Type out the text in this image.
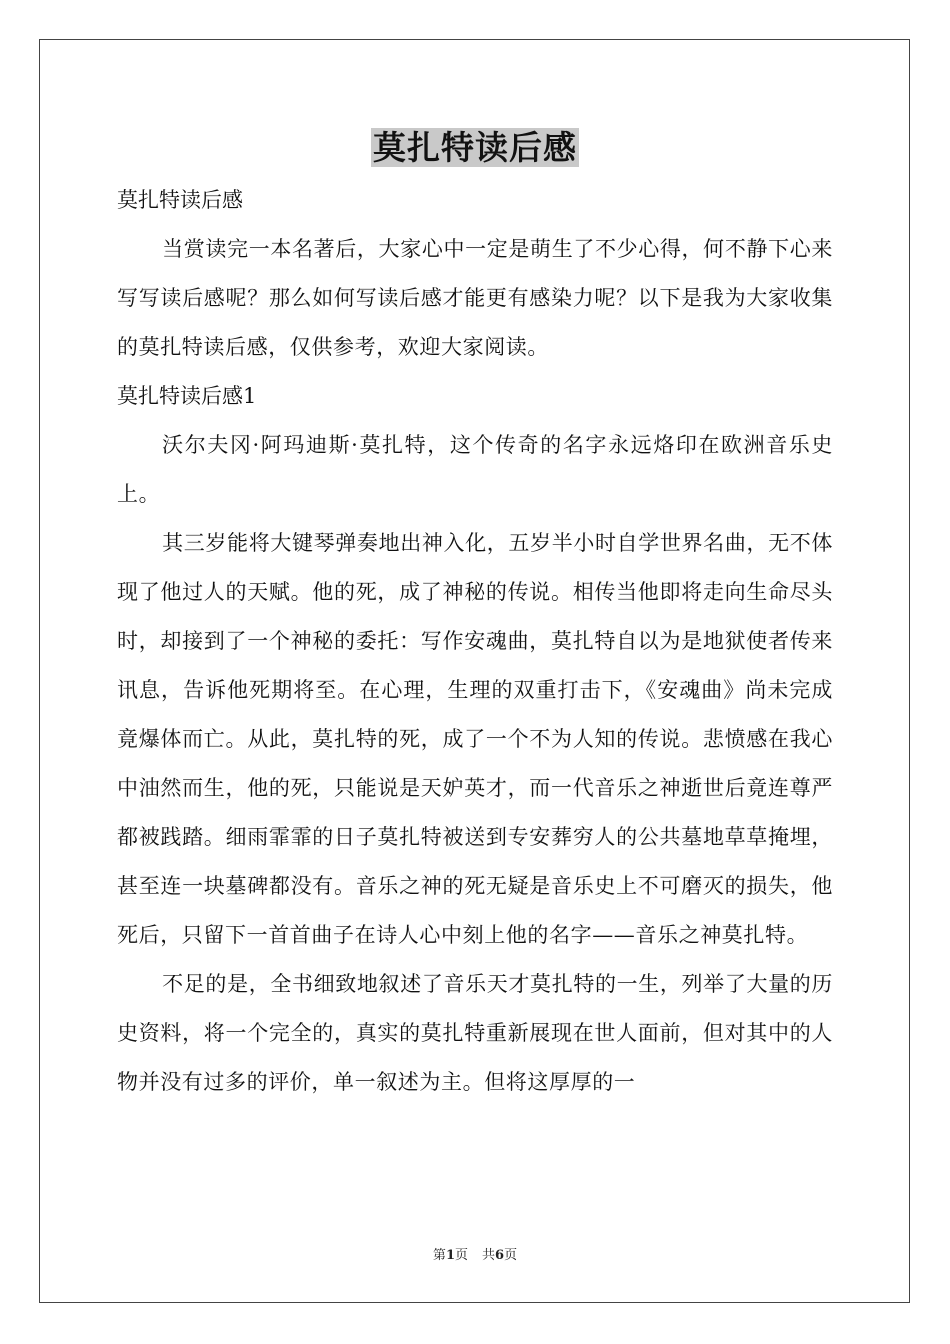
莫扎特读后感
莫扎特读后感
当赏读完一本名著后，大家心中一定是萌生了不少心得，何不静下心来写写读后感呢？那么如何写读后感才能更有感染力呢？以下是我为大家收集的莫扎特读后感，仅供参考，欢迎大家阅读。
莫扎特读后感1
沃尔夫冈·阿玛迪斯·莫扎特，这个传奇的名字永远烙印在欧洲音乐史上。
其三岁能将大键琴弹奏地出神入化，五岁半小时自学世界名曲，无不体现了他过人的天赋。他的死，成了神秘的传说。相传当他即将走向生命尽头时，却接到了一个神秘的委托：写作安魂曲，莫扎特自以为是地狱使者传来讯息，告诉他死期将至。在心理，生理的双重打击下，《安魂曲》尚未完成竟爆体而亡。从此，莫扎特的死，成了一个不为人知的传说。悲愤感在我心中油然而生，他的死，只能说是天妒英才，而一代音乐之神逝世后竟连尊严都被践踏。细雨霏霏的日子莫扎特被送到专安葬穷人的公共墓地草草掩埋，甚至连一块墓碑都没有。音乐之神的死无疑是音乐史上不可磨灭的损失，他死后，只留下一首首曲子在诗人心中刻上他的名字——音乐之神莫扎特。
不足的是，全书细致地叙述了音乐天才莫扎特的一生，列举了大量的历史资料，将一个完全的，真实的莫扎特重新展现在世人面前，但对其中的人物并没有过多的评价，单一叙述为主。但将这厚厚的一
第1页 共6页
